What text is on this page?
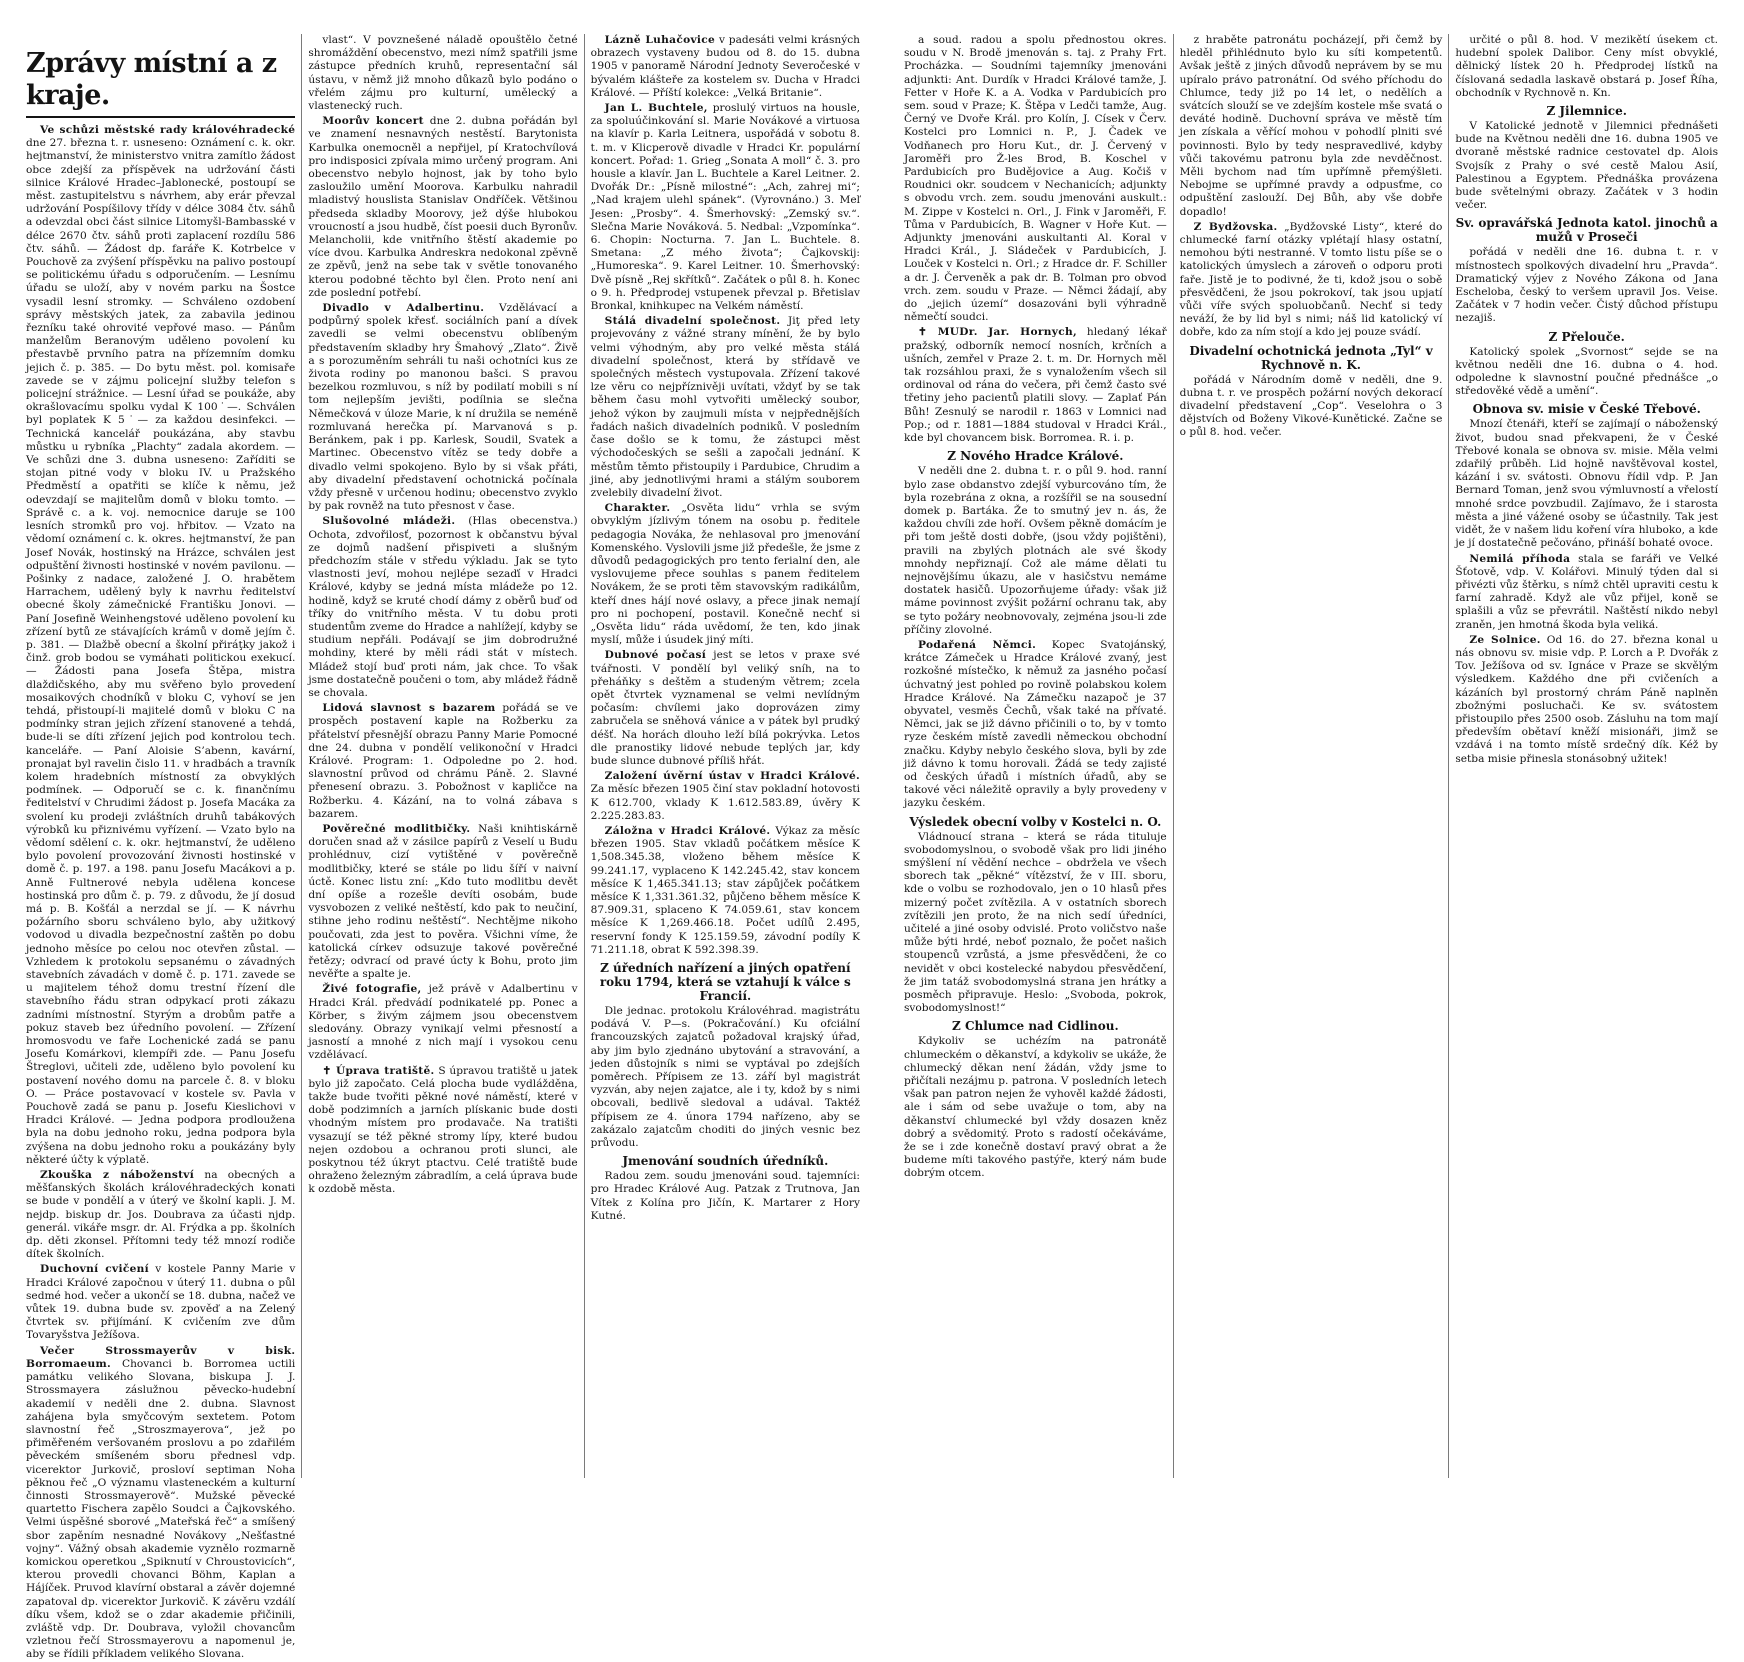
Zprávy místní a z kraje.
Ve schůzi městské rady královéhradecké dne 27. března t. r. usneseno: Oznámení c. k. okr. hejtmanství, že ministerstvo vnitra zamítlo žádost obce zdejší za příspěvek na udržování části silnice Králové Hradec–Jablonecké, postoupí se měst. zastupitelstvu s návrhem, aby erár převzal udržování Pospíšilovy třídy v délce 3084 čtv. sáhů a odevzdal obci část silnice Litomyšl-Bambasské v délce 2670 čtv. sáhů proti zaplacení rozdílu 586 čtv. sáhů. — Žádost dp. faráře K. Kotrbelce v Pouchově za zvýšení příspěvku na palivo postoupí se politickému úřadu s odporučením. — Lesnímu úřadu se uloží, aby v novém parku na Šostce vysadil lesní stromky. — Schváleno ozdobení správy městských jatek, za zabavila jedinou řezníku také ohrovité vepřové maso. — Pánům manželům Beranovým uděleno povolení ku přestavbě prvního patra na přízemním domku jejich č. p. 385. — Do bytu měst. pol. komisaře zavede se v zájmu policejní služby telefon s policejní strážnice. — Lesní úřad se poukáže, aby okrašlovacímu spolku vydal K 100˙—. Schválen byl poplatek K 5˙— za každou desinfekci. — Technická kancelář poukázána, aby stavbu můstku u rybníka „Plachty“ zadala akordem. — Ve schůzi dne 3. dubna usneseno: Zaříditi se stojan pitné vody v bloku IV. u Pražského Předměstí a opatřiti se klíče k němu, jež odevzdají se majitelům domů v bloku tomto. — Správě c. a k. voj. nemocnice daruje se 100 lesních stromků pro voj. hřbitov. — Vzato na vědomí oznámení c. k. okres. hejtmanství, že pan Josef Novák, hostinský na Hrázce, schválen jest odpuštění živnosti hostinské v novém pavilonu. — Pošinky z nadace, založené J. O. hrabětem Harrachem, udělený byly k navrhu ředitelství obecné školy zámečnické Františku Jonovi. — Paní Josefině Weinhengstové uděleno povolení ku zřízení bytů ze stávajících krámů v domě jejím č. p. 381. — Dlažbě obecní a školní přiráţky jakož i činž. grob bodou se vymáhati politickou exekucí. — Žádosti pana Josefa Štěpa, mistra dlaždičského, aby mu svěřeno bylo provedení mosaikových chodníků v bloku C, vyhoví se jen tehdá, přistoupí-li majitelé domů v bloku C na podmínky stran jejich zřízení stanovené a tehdá, bude-li se díti zřízení jejich pod kontrolou tech. kanceláře. — Paní Aloisie S’abenn, kavární, pronajat byl ravelin čislo 11. v hradbách a travník kolem hradebních místností za obvyklých podmínek. — Odporučí se c. k. finančnímu ředitelství v Chrudimi žádost p. Josefa Macáka za svolení ku prodeji zvláštních druhů tabákových výrobků ku přiznivému vyřízení. — Vzato bylo na vědomí sdělení c. k. okr. hejtmanství, že uděleno bylo povolení provozování živnosti hostinské v domě č. p. 197. a 198. panu Josefu Macákovi a p. Anně Fultnerové nebyla udělena koncese hostinská pro dům č. p. 79. z důvodu, že jí dosud má p. B. Košťál a nerzdal se jí. — K návrhu požárního sboru schváleno bylo, aby užitkový vodovod u divadla bezpečnostní zaštěn po dobu jednoho měsíce po celou noc otevřen zůstal. — Vzhledem k protokolu sepsanému o závadných stavebních závadách v domě č. p. 171. zavede se u majitelem téhož domu trestní řízení dle stavebního řádu stran odpykací proti zákazu zadními místnostní. Styrým a drobům patře a pokuz staveb bez úředního povolení. — Zřízení hromosvodu ve faře Lochenické zadá se panu Josefu Komárkovi, klempíři zde. — Panu Josefu Štreglovi, učiteli zde, uděleno bylo povolení ku postavení nového domu na parcele č. 8. v bloku O. — Práce postavovací v kostele sv. Pavla v Pouchově zadá se panu p. Josefu Kieslichovi v Hradci Králové. — Jedna podpora prodloužena byla na dobu jednoho roku, jedna podpora byla zvýšena na dobu jednoho roku a poukázány byly některé účty k výplatě.
Zkouška z náboženství na obecných a měšťanských školách královéhradeckých konati se bude v pondělí a v úterý ve školní kapli. J. M. nejdp. biskup dr. Jos. Doubrava za účasti njdp. generál. vikáře msgr. dr. Al. Frýdka a pp. školních dp. děti zkonsel. Přítomni tedy též mnozí rodiče dítek školních.
Duchovní cvičení v kostele Panny Marie v Hradci Králové započnou v úterý 11. dubna o půl sedmé hod. večer a ukončí se 18. dubna, načež ve vůtek 19. dubna bude sv. zpověď a na Zelený čtvrtek sv. přijímání. K cvičením zve dům Tovaryšstva Ježíšova.
Večer Strossmayerův v bisk. Borromaeum. Chovanci b. Borromea uctili památku velikého Slovana, biskupa J. J. Strossmayera záslužnou pěvecko-hudební akademií v neděli dne 2. dubna. Slavnost zahájena byla smyčcovým sextetem. Potom slavnostní řeč „Stroszmayerova“, jež po přiměřeném veršovaném proslovu a po zdařilém pěveckém smíšeném sboru přednesl vdp. vicerektor Jurkovič, prosloví septiman Noha pěknou řeč „O významu vlasteneckém a kulturní činnosti Strossmayerově“. Mužské pěvecké quartetto Fischera zapělo Soudci a Čajkovského. Velmi úspěšné sborové „Mateřská řeč“ a smíšený sbor zapěním nesnadné Novákovy „Nešťastné vojny“. Vážný obsah akademie vyznělo rozmarně komickou operetkou „Spiknutí v Chroustovicích“, kterou provedli chovanci Böhm, Kaplan a Hájíček. Pruvod klavírní obstaral a závěr dojemné zapatoval dp. vicerektor Jurkovič. K závěru vzdálí díku všem, kdož se o zdar akademie přičinili, zvláště vdp. Dr. Doubrava, vyložil chovancům vzletnou řečí Strossmayerovu a napomenul je, aby se řídili příkladem velikého Slovana.
vlast“. V povznešené náladě opouštělo četné shromáždění obecenstvo, mezi nímž spatřili jsme zástupce předních kruhů, representační sál ústavu, v němž již mnoho důkazů bylo podáno o vřelém zájmu pro kulturní, umělecký a vlastenecký ruch.
Moorův koncert dne 2. dubna pořádán byl ve znamení nesnavných nestěstí. Barytonista Karbulka onemocněl a nepřijel, pí Kratochvílová pro indisposici zpívala mimo určený program. Ani obecenstvo nebylo hojnost, jak by toho bylo zasloužilo umění Moorova. Karbulku nahradil mladistvý houslista Stanislav Ondříček. Většinou předseda skladby Moorovy, jež dýše hlubokou vroucností a jsou hudbě, číst poesii duch Byronův. Melancholii, kde vnitřního štěstí akademie po více dvou. Karbulka Andreskra nedokonal zpěvně ze zpěvů, jenž na sebe tak v světle tonovaného kterou podobné těchto byl člen. Proto není ani zde poslední potřebí.
Divadlo v Adalbertinu. Vzdělávací a podpůrný spolek křesť. sociálních paní a dívek zavedli se velmi obecenstvu oblíbeným představením skladby hry Šmahový „Zlato“. Živě a s porozuměním sehráli tu naši ochotníci kus ze života rodiny po manonou bašci. S pravou bezelkou rozmluvou, s níž by podilatí mobili s ní tom nejlepším jevišti, podílnia se slečna Němečková v úloze Marie, k ní družila se neméně rozmluvaná herečka pí. Marvanová s p. Beránkem, pak i pp. Karlesk, Soudil, Svatek a Martinec. Obecenstvo vítěz se tedy dobře a divadlo velmi spokojeno. Bylo by si však přáti, aby divadelní představení ochotnická počínala vždy přesně v určenou hodinu; obecenstvo zvyklo by pak rovněž na tuto přesnost v čase.
Slušovolné mládeži. (Hlas obecenstva.) Ochota, zdvořilosť, pozornost k občanstvu býval ze dojmů nadšení přispiveti a slušným předchozím stále v středu výkladu. Jak se tyto vlastnosti jeví, mohou nejlépe sezaďí v Hradci Králové, kdyby se jedná místa mládeže po 12. hodině, když se kruté chodí dámy z oběrů buď od tříky do vnitřního města. V tu dobu proti studentům zveme do Hradce a nahlížejí, kdyby se studium nepřáli. Podávají se jim dobrodružné mohdiny, které by měli rádi stát v místech. Mládež stojí buď proti nám, jak chce. To však jsme dostatečně poučeni o tom, aby mládež řádně se chovala.
Lidová slavnost s bazarem pořádá se ve prospěch postavení kaple na Rožberku za přátelství přesnější obrazu Panny Marie Pomocné dne 24. dubna v pondělí velikonoční v Hradci Králové. Program: 1. Odpoledne po 2. hod. slavnostní průvod od chrámu Páně. 2. Slavné přenesení obrazu. 3. Pobožnost v kapličce na Rožberku. 4. Kázání, na to volná zábava s bazarem.
Pověrečné modlitbičky. Naši knihtiskárně doručen snad až v zásilce papírů z Veselí u Budu prohlédnuv, cizí vytištěné v pověrečně modlitbičky, které se stále po lidu šíří v naivní úctě. Konec listu zní: „Kdo tuto modlitbu devět dní opíše a rozešle devíti osobám, bude vysvobozen z veliké neštěstí, kdo pak to neučiní, stihne jeho rodinu neštěstí“. Nechtějme nikoho poučovati, zda jest to pověra. Všichni víme, že katolická církev odsuzuje takové pověrečné řetězy; odvrací od pravé úcty k Bohu, proto jim nevěřte a spalte je.
Živé fotografie, jež právě v Adalbertinu v Hradci Král. předvádí podnikatelé pp. Ponec a Körber, s živým zájmem jsou obecenstvem sledovány. Obrazy vynikají velmi přesností a jasností a mnohé z nich mají i vysokou cenu vzdělávací.
✝ Úprava tratiště. S úpravou tratiště u jatek bylo již započato. Celá plocha bude vydlážděna, takže bude tvořiti pěkné nové náměstí, které v době podzimních a jarních plískanic bude dosti vhodným místem pro prodavače. Na tratišti vysazují se též pěkné stromy lípy, které budou nejen ozdobou a ochranou proti slunci, ale poskytnou též úkryt ptactvu. Celé tratiště bude ohraženo železným zábradlím, a celá úprava bude k ozdobě města.
Lázně Luhačovice v padesáti velmi krásných obrazech vystaveny budou od 8. do 15. dubna 1905 v panoramě Národní Jednoty Severočeské v bývalém klášteře za kostelem sv. Ducha v Hradci Králové. — Příští kolekce: „Velká Britanie“.
Jan L. Buchtele, proslulý virtuos na housle, za spoluúčinkování sl. Marie Novákové a virtuosa na klavír p. Karla Leitnera, uspořádá v sobotu 8. t. m. v Klicperově divadle v Hradci Kr. populární koncert. Pořad: 1. Grieg „Sonata A moll“ č. 3. pro housle a klavír. Jan L. Buchtele a Karel Leitner. 2. Dvořák Dr.: „Písně milostné“: „Ach, zahrej mi“; „Nad krajem ulehl spánek“. (Vyrovnáno.) 3. Meľ Jesen: „Prosby“. 4. Šmerhovský: „Zemský sv.“. Slečna Marie Nováková. 5. Nedbal: „Vzpomínka“. 6. Chopin: Nocturna. 7. Jan L. Buchtele. 8. Smetana: „Z mého života“; Čajkovskij: „Humoreska“. 9. Karel Leitner. 10. Šmerhovský: Dvě písně „Rej skřítků“. Začátek o půl 8. h. Konec o 9. h. Předprodej vstupenek převzal p. Břetislav Bronkal, knihkupec na Velkém náměstí.
Stálá divadelní společnost. Jiţ před lety projevovány z vážné strany mínění, že by bylo velmi výhodným, aby pro velké města stálá divadelní společnost, která by střídavě ve společných městech vystupovala. Zřízení takové lze věru co nejpříznivěji uvítati, vždyť by se tak během času mohl vytvořiti umělecký soubor, jehož výkon by zaujmuli místa v nejpřednějších řadách našich divadelních podniků. V posledním čase došlo se k tomu, že zástupci měst východočeských se sešli a započali jednání. K městům těmto přistoupily i Pardubice, Chrudim a jiné, aby jednotlivými hrami a stálým souborem zvelebily divadelní život.
Charakter. „Osvěta lidu“ vrhla se svým obvyklým jízlivým tónem na osobu p. ředitele pedagogia Nováka, že nehlasoval pro jmenování Komenského. Vyslovili jsme již předešle, že jsme z důvodů pedagogických pro tento ferialní den, ale vyslovujeme přece souhlas s panem ředitelem Novákem, že se proti těm stavovským radikálům, kteří dnes hájí nové oslavy, a přece jinak nemají pro ni pochopení, postavil. Konečně nechť si „Osvěta lidu“ ráda uvědomí, že ten, kdo jinak myslí, může i úsudek jiný míti.
Dubnové počasí jest se letos v praxe své tvářnosti. V pondělí byl veliký sníh, na to přeháňky s deštěm a studeným větrem; zcela opět čtvrtek vyznamenal se velmi nevlídným počasím: chvílemi jako doprovázen zimy zabručela se sněhová vánice a v pátek byl prudký déšť. Na horách dlouho leží bílá pokrývka. Letos dle pranostiky lidové nebude teplých jar, kdy bude slunce dubnové příliš hřát.
Založení úvěrní ústav v Hradci Králové. Za měsíc březen 1905 činí stav pokladní hotovosti K 612.700, vklady K 1.612.583.89, úvěry K 2.225.283.83.
Záložna v Hradci Králové. Výkaz za měsíc březen 1905. Stav vkladů počátkem měsíce K 1,508.345.38, vloženo během měsíce K 99.241.17, vyplaceno K 142.245.42, stav koncem měsíce K 1,465.341.13; stav zápůjček počátkem měsíce K 1,331.361.32, půjčeno během měsíce K 87.909.31, splaceno K 74.059.61, stav koncem měsíce K 1,269.466.18. Počet udílů 2.495, reservní fondy K 125.159.59, závodní podíly K 71.211.18, obrat K 592.398.39.
Z úředních nařízení a jiných opatření roku 1794, která se vztahují k válce s Francií.
Dle jednac. protokolu Královéhrad. magistrátu podává V. P—s. (Pokračování.) Ku ofciální francouzských zajatců požadoval krajský úřad, aby jim bylo zjednáno ubytování a stravování, a jeden důstojník s nimi se vyptával po zdejších poměrech. Přípisem ze 13. září byl magistrát vyzván, aby nejen zajatce, ale i ty, kdož by s nimi obcovali, bedlivě sledoval a udával. Taktéž přípisem ze 4. února 1794 nařízeno, aby se zakázalo zajatcům choditi do jiných vesnic bez průvodu.
Jmenování soudních úředníků.
Radou zem. soudu jmenováni soud. tajemníci: pro Hradec Králové Aug. Patzak z Trutnova, Jan Vítek z Kolína pro Jičín, K. Martarer z Hory Kutné.
a soud. radou a spolu přednostou okres. soudu v N. Brodě jmenován s. taj. z Prahy Frt. Procházka. — Soudními tajemníky jmenováni adjunkti: Ant. Durdík v Hradci Králové tamže, J. Fetter v Hoře K. a A. Vodka v Pardubicích pro sem. soud v Praze; K. Štěpa v Ledči tamže, Aug. Černý ve Dvoře Král. pro Kolín, J. Císek v Červ. Kostelci pro Lomnici n. P., J. Čadek ve Vodňanech pro Horu Kut., dr. J. Červený v Jaroměři pro Ž-les Brod, B. Koschel v Pardubicích pro Budějovice a Aug. Kočiš v Roudnici okr. soudcem v Nechanicích; adjunkty s obvodu vrch. zem. soudu jmenováni auskult.: M. Zippe v Kostelci n. Orl., J. Fink v Jaroměři, F. Tůma v Pardubicích, B. Wagner v Hoře Kut. — Adjunkty jmenováni auskultanti Al. Koral v Hradci Král., J. Sládeček v Pardubicích, J. Louček v Kostelci n. Orl.; z Hradce dr. F. Schiller a dr. J. Červeněk a pak dr. B. Tolman pro obvod vrch. zem. soudu v Praze. — Němci žádají, aby do „jejich území“ dosazováni byli výhradně němečtí soudci.
✝ MUDr. Jar. Hornych, hledaný lékař pražský, odborník nemocí nosních, krčních a ušních, zemřel v Praze 2. t. m. Dr. Hornych měl tak rozsáhlou praxi, že s vynaložením všech sil ordinoval od rána do večera, při čemž často své třetiny jeho pacientů platili slovy. — Zaplať Pán Bůh! Zesnulý se narodil r. 1863 v Lomnici nad Pop.; od r. 1881—1884 studoval v Hradci Král., kde byl chovancem bisk. Borromea. R. i. p.
Z Nového Hradce Králové.
V neděli dne 2. dubna t. r. o půl 9. hod. ranní bylo zase obdanstvo zdejší vyburcováno tím, že byla rozebrána z okna, a rozšířil se na sousední domek p. Bartáka. Že to smutný jev n. ás, že každou chvíli zde hoří. Ovšem pěkně domácím je při tom ještě dosti dobře, (jsou vždy pojištěni), pravili na zbylých plotnách ale své škody mnohdy nepřiznají. Což ale máme dělati tu nejnovějšímu úkazu, ale v hasičstvu nemáme dostatek hasičů. Upozorňujeme úřady: však již máme povinnost zvýšit požární ochranu tak, aby se tyto požáry neobnovovaly, zejména jsou-li zde příčiny zlovolné.
Podařená Němci. Kopec Svatojánský, krátce Zámeček u Hradce Králové zvaný, jest rozkošné místečko, k němuž za jasného počasí úchvatný jest pohled po rovině polabskou kolem Hradce Králové. Na Zámečku nazapoč je 37 obyvatel, vesměs Čechů, však také na přívaté. Němci, jak se již dávno přičinili o to, by v tomto ryze českém místě zavedli německou obchodní značku. Kdyby nebylo českého slova, byli by zde již dávno k tomu horovali. Žádá se tedy zajisté od českých úřadů i místních úřadů, aby se takové věci náležitě opravily a byly provedeny v jazyku českém.
Výsledek obecní volby v Kostelci n. O.
Vládnoucí strana – která se ráda tituluje svobodomyslnou, o svobodě však pro lidi jiného smýšlení ní vědění nechce – obdržela ve všech sborech tak „pěkné“ vítězství, že v III. sboru, kde o volbu se rozhodovalo, jen o 10 hlasů přes mizerný počet zvítězila. A v ostatních sborech zvítězili jen proto, že na nich sedí úředníci, učitelé a jiné osoby odvislé. Proto voličstvo naše může býti hrdé, neboť poznalo, že počet našich stoupenců vzrůstá, a jsme přesvědčeni, že co nevidět v obci kostelecké nabydou přesvědčení, že jim tatáž svobodomyslná strana jen hrátky a posměch připravuje. Heslo: „Svoboda, pokrok, svobodomyslnost!“
Z Chlumce nad Cidlinou.
Kdykoliv se uchézím na patronátě chlumeckém o děkanství, a kdykoliv se ukáže, že chlumecký děkan není žádán, vždy jsme to přičítali nezájmu p. patrona. V posledních letech však pan patron nejen že vyhověl každé žádosti, ale i sám od sebe uvažuje o tom, aby na děkanství chlumecké byl vždy dosazen kněz dobrý a svědomitý. Proto s radostí očekáváme, že se i zde konečně dostaví pravý obrat a že budeme míti takového pastýře, který nám bude dobrým otcem.
z hraběte patronátu pocházejí, při čemž by hleděl přihlédnuto bylo ku síti kompetentů. Avšak ještě z jiných důvodů neprávem by se mu upíralo právo patronátní. Od svého příchodu do Chlumce, tedy již po 14 let, o nedělích a svátcích slouží se ve zdejším kostele mše svatá o deváté hodině. Duchovní správa ve městě tím jen získala a věřící mohou v pohodlí plniti své povinnosti. Bylo by tedy nespravedlivé, kdyby vůči takovému patronu byla zde nevděčnost. Měli bychom nad tím upřímně přemýšleti. Nebojme se upřímné pravdy a odpusťme, co odpuštění zaslouží. Dej Bůh, aby vše dobře dopadlo!
Z Bydžovska. „Bydžovské Listy“, které do chlumecké farní otázky vplétají hlasy ostatní, nemohou býti nestranné. V tomto listu píše se o katolických úmyslech a zároveň o odporu proti faře. Jistě je to podivné, že ti, kdož jsou o sobě přesvědčeni, že jsou pokrokoví, tak jsou upjatí vůči víře svých spoluobčanů. Nechť si tedy neváží, že by lid byl s nimi; náš lid katolický ví dobře, kdo za ním stojí a kdo jej pouze svádí.
Divadelní ochotnická jednota „Tyl“ v Rychnově n. K.
pořádá v Národním domě v neděli, dne 9. dubna t. r. ve prospěch požární nových dekorací divadelní představení „Cop“. Veselohra o 3 dějstvích od Boženy Vikové-Kunětické. Začne se o půl 8. hod. večer.
určité o půl 8. hod. V mezikětí úsekem ct. hudební spolek Dalibor. Ceny míst obvyklé, dělnický lístek 20 h. Předprodej lístků na číslovaná sedadla laskavě obstará p. Josef Říha, obchodník v Rychnově n. Kn.
Z Jilemnice.
V Katolické jednotě v Jilemnici přednášeti bude na Květnou neděli dne 16. dubna 1905 ve dvoraně městské radnice cestovatel dp. Alois Svojsík z Prahy o své cestě Malou Asií, Palestinou a Egyptem. Přednáška provázena bude světelnými obrazy. Začátek v 3 hodin večer.
Sv. opravářská Jednota katol. jinochů a mužů v Proseči
pořádá v neděli dne 16. dubna t. r. v místnostech spolkových divadelní hru „Pravda“. Dramatický výjev z Nového Zákona od Jana Escheloba, český to veršem upravil Jos. Veise. Začátek v 7 hodin večer. Čistý důchod přístupu nezajiš.
Z Přelouče.
Katolický spolek „Svornost“ sejde se na květnou neděli dne 16. dubna o 4. hod. odpoledne k slavnostní poučné přednášce „o středověké vědě a umění“.
Obnova sv. misie v České Třebové.
Mnozí čtenáři, kteří se zajímají o náboženský život, budou snad překvapeni, že v České Třebové konala se obnova sv. misie. Měla velmi zdařilý průběh. Lid hojně navštěvoval kostel, kázání i sv. svátosti. Obnovu řídil vdp. P. Jan Bernard Toman, jenž svou výmluvností a vřelostí mnohé srdce povzbudil. Zajímavo, že i starosta města a jiné vážené osoby se účastnily. Tak jest vidět, že v našem lidu koření víra hluboko, a kde je jí dostatečně pečováno, přináší bohaté ovoce.
Nemilá příhoda stala se faráři ve Velké Šťotově, vdp. V. Kolářovi. Minulý týden dal si přivézti vůz štěrku, s nímž chtěl upraviti cestu k farní zahradě. Když ale vůz přijel, koně se splašili a vůz se převrátil. Naštěstí nikdo nebyl zraněn, jen hmotná škoda byla veliká.
Ze Solnice. Od 16. do 27. března konal u nás obnovu sv. misie vdp. P. Lorch a P. Dvořák z Tov. Ježíšova od sv. Ignáce v Praze se skvělým výsledkem. Každého dne při cvičeních a kázáních byl prostorný chrám Páně naplněn zbožnými posluchači. Ke sv. svátostem přistoupilo přes 2500 osob. Zásluhu na tom mají především obětaví kněží misionáři, jimž se vzdává i na tomto místě srdečný dík. Kéž by setba misie přinesla stonásobný užitek!
